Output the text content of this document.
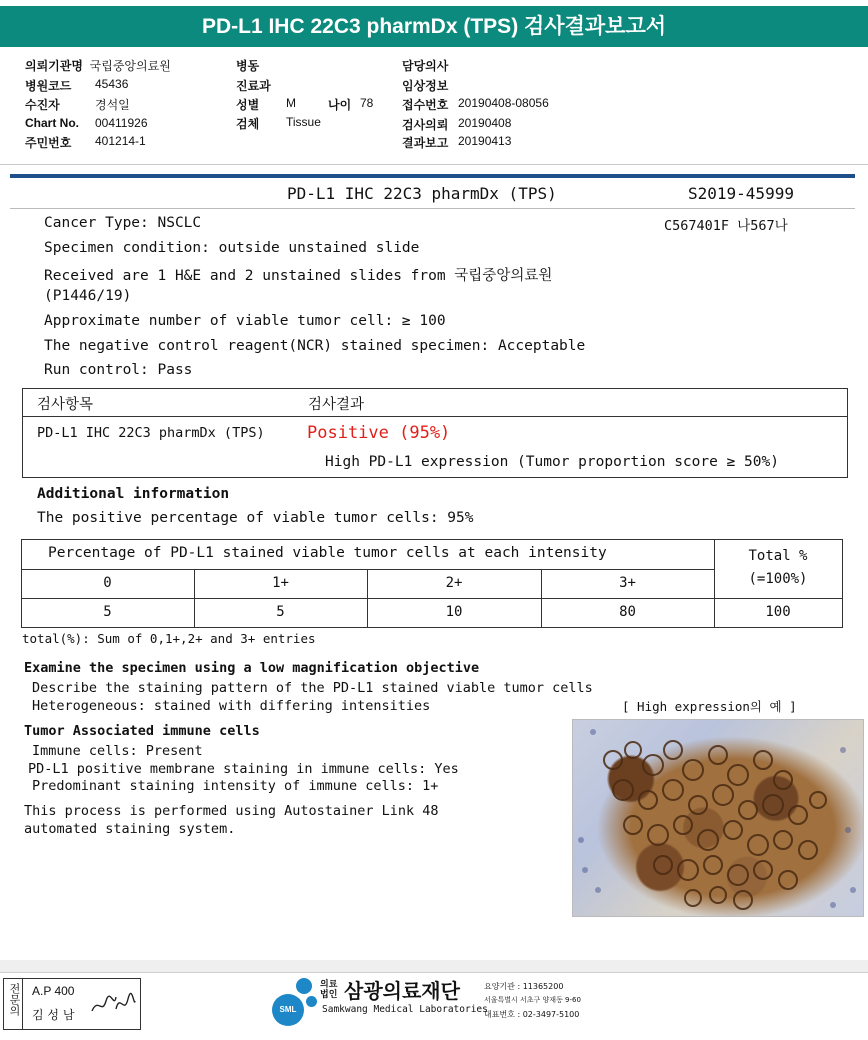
PD-L1 IHC 22C3 pharmDx (TPS) 검사결과보고서
의뢰기관명 국립중앙의료원
병원코드 45436
수진자	경석일
Chart No. 00411926
주민번호 401214-1
병동
진료과
성별 M	나이 78
검체 Tissue
담당의사
임상정보
접수번호 20190408-08056
검사의뢰 20190408
결과보고 20190413
PD-L1 IHC 22C3 pharmDx (TPS)	S2019-45999
C567401F 나567나
Cancer Type: NSCLC
Specimen condition: outside unstained slide
Received are 1 H&E and 2 unstained slides from 국립중앙의료원
(P1446/19)
Approximate number of viable tumor cell: ≥ 100
The negative control reagent(NCR) stained specimen: Acceptable
Run control: Pass
검사항목	검사결과
PD-L1 IHC 22C3 pharmDx (TPS) Positive (95%)
High PD-L1 expression (Tumor proportion score ≥ 50%)
Additional information
The positive percentage of viable tumor cells: 95%
Percentage of PD-L1 stained viable tumor cells at each intensity	Total %
(=100%)
0	1+	2+	3+
5	5	10	80	100
total(%): Sum of 0,1+,2+ and 3+ entries
Examine the specimen using a low magnification objective
Describe the staining pattern of the PD-L1 stained viable tumor cells
Heterogeneous: stained with differing intensities	[ High expression의 예 ]
Tumor Associated immune cells
Immune cells: Present
PD-L1 positive membrane staining in immune cells: Yes
Predominant staining intensity of immune cells: 1+
This process is performed using Autostainer Link 48
automated staining system.
전문의 A.P 400
김 성 남	SML
의료
법인 삼광의료재단
Samkwang Medical Laboratories
요양기관 : 11365200
서울특별시 서초구 양재동 9-60
대표번호 : 02-3497-5100
